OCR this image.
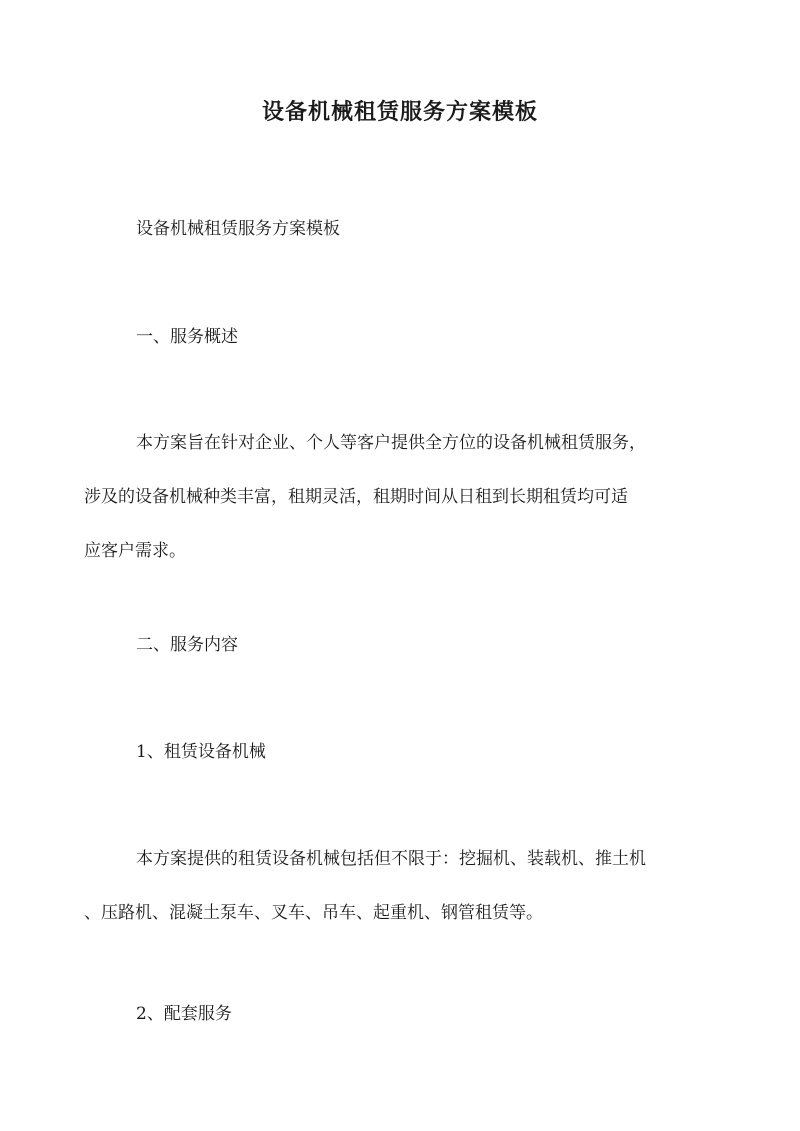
设备机械租赁服务方案模板

设备机械租赁服务方案模板

一、服务概述

本方案旨在针对企业、个人等客户提供全方位的设备机械租赁服务，
涉及的设备机械种类丰富，租期灵活，租期时间从日租到长期租赁均可适
应客户需求。

二、服务内容

1、租赁设备机械

本方案提供的租赁设备机械包括但不限于：挖掘机、装载机、推土机
、压路机、混凝土泵车、叉车、吊车、起重机、钢管租赁等。

2、配套服务
